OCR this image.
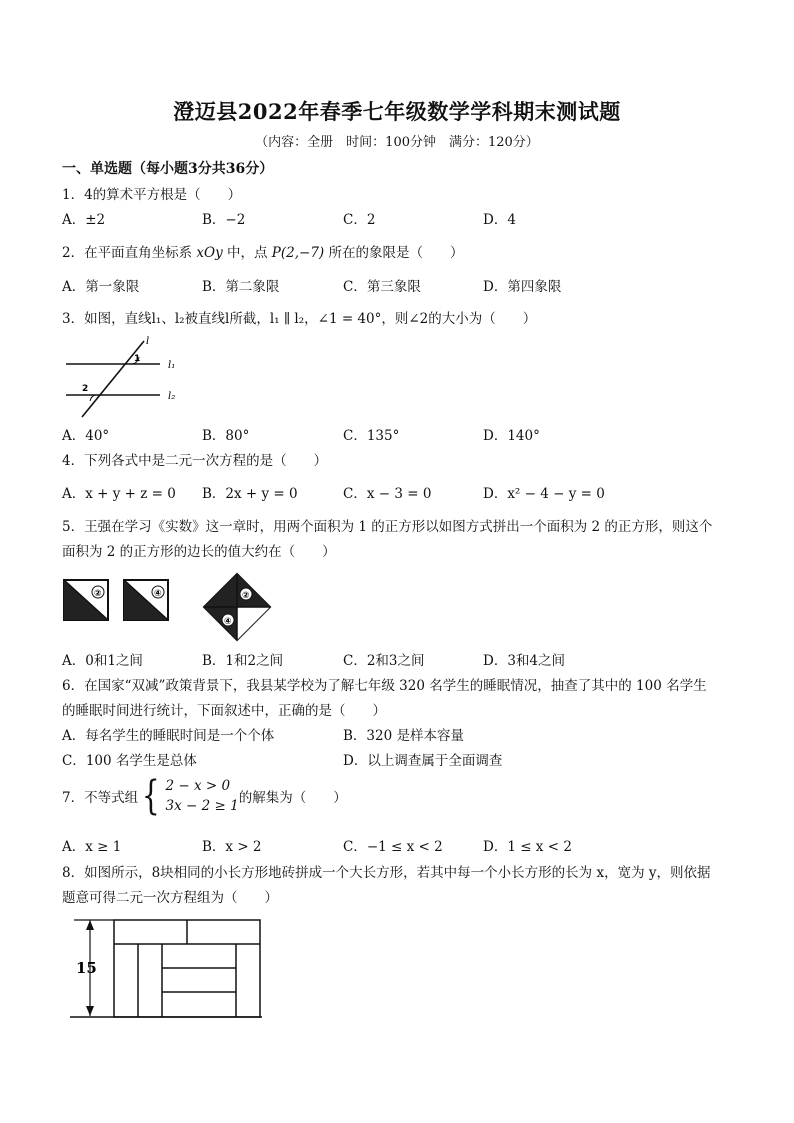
澄迈县2022年春季七年级数学学科期末测试题
（内容：全册　时间：100分钟　满分：120分）
一、单选题（每小题3分共36分）
1．4的算术平方根是（　　）
A．±2	B．−2	C．2	D．4
2．在平面直角坐标系 xOy 中，点 P(2,−7) 所在的象限是（　　）
A．第一象限	B．第二象限	C．第三象限	D．第四象限
3．如图，直线l₁、l₂被直线l所截，l₁ ∥ l₂，∠1 = 40°，则∠2的大小为（　　）
l
l₁
l₂
1
2
A．40°	B．80°	C．135°	D．140°
4．下列各式中是二元一次方程的是（　　）
A．x + y + z = 0 B．2x + y = 0	C．x − 3 = 0	D．x² − 4 − y = 0
5．王强在学习《实数》这一章时，用两个面积为 1 的正方形以如图方式拼出一个面积为 2 的正方形，则这个
面积为 2 的正方形的边长的值大约在（　　）
②	④	②
④
A．0和1之间	B．1和2之间	C．2和3之间	D．3和4之间
6．在国家“双减”政策背景下，我县某学校为了解七年级 320 名学生的睡眠情况，抽查了其中的 100 名学生
的睡眠时间进行统计，下面叙述中，正确的是（　　）
A．每名学生的睡眠时间是一个个体	B．320 是样本容量
C．100 名学生是总体	D．以上调查属于全面调查
7．不等式组 { 2 − x > 0
3x − 2 ≥ 1 的解集为（　　）
A．x ≥ 1	B．x > 2	C．−1 ≤ x < 2	D．1 ≤ x < 2
8．如图所示，8块相同的小长方形地砖拼成一个大长方形，若其中每一个小长方形的长为 x，宽为 y，则依据
题意可得二元一次方程组为（　　）
15
